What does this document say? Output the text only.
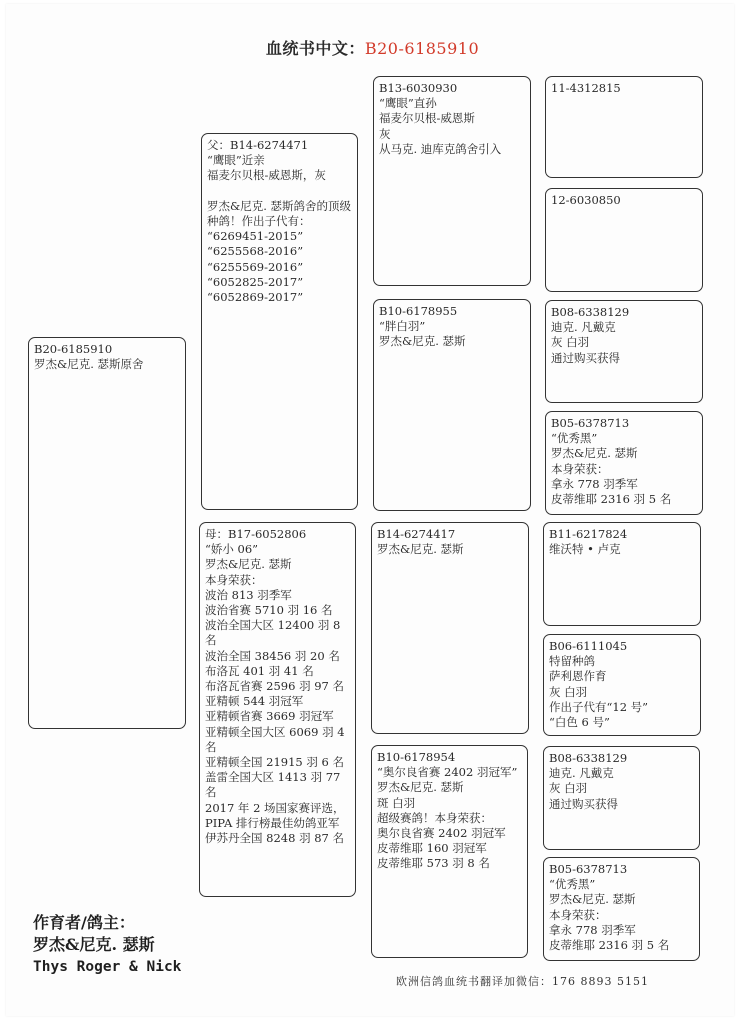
血统书中文：B20-6185910
B20-6185910
罗杰&尼克. 瑟斯原舍
父：B14-6274471
“鹰眼”近亲
福麦尔贝根-威恩斯，灰

罗杰&尼克. 瑟斯鸽舍的顶级种鸽！作出子代有：
“6269451-2015”
“6255568-2016”
“6255569-2016”
“6052825-2017”
“6052869-2017”
母：B17-6052806
“娇小 06”
罗杰&尼克. 瑟斯
本身荣获：
波治 813 羽季军
波治省赛 5710 羽 16 名
波治全国大区 12400 羽 8 名
波治全国 38456 羽 20 名
布洛瓦 401 羽 41 名
布洛瓦省赛 2596 羽 97 名
亚精顿 544 羽冠军
亚精顿省赛 3669 羽冠军
亚精顿全国大区 6069 羽 4 名
亚精顿全国 21915 羽 6 名
盖雷全国大区 1413 羽 77 名
2017 年 2 场国家赛评选，PIPA 排行榜最佳幼鸽亚军
伊苏丹全国 8248 羽 87 名
B13-6030930
“鹰眼”直孙
福麦尔贝根-威恩斯
灰
从马克. 迪库克鸽舍引入
B10-6178955
“胖白羽”
罗杰&尼克. 瑟斯
B14-6274417
罗杰&尼克. 瑟斯
B10-6178954
“奥尔良省赛 2402 羽冠军”
罗杰&尼克. 瑟斯
斑 白羽
超级赛鸽！本身荣获：
奥尔良省赛 2402 羽冠军
皮蒂维耶 160 羽冠军
皮蒂维耶 573 羽 8 名
11-4312815
12-6030850
B08-6338129
迪克. 凡戴克
灰 白羽
通过购买获得
B05-6378713
“优秀黑”
罗杰&尼克. 瑟斯
本身荣获：
拿永 778 羽季军
皮蒂维耶 2316 羽 5 名
B11-6217824
维沃特 • 卢克
B06-6111045
特留种鸽
萨利恩作育
灰 白羽
作出子代有“12 号”
“白色 6 号”
B08-6338129
迪克. 凡戴克
灰 白羽
通过购买获得
B05-6378713
“优秀黑”
罗杰&尼克. 瑟斯
本身荣获：
拿永 778 羽季军
皮蒂维耶 2316 羽 5 名
作育者/鸽主：
罗杰&尼克. 瑟斯
Thys Roger & Nick
欧洲信鸽血统书翻译加微信：176 8893 5151
